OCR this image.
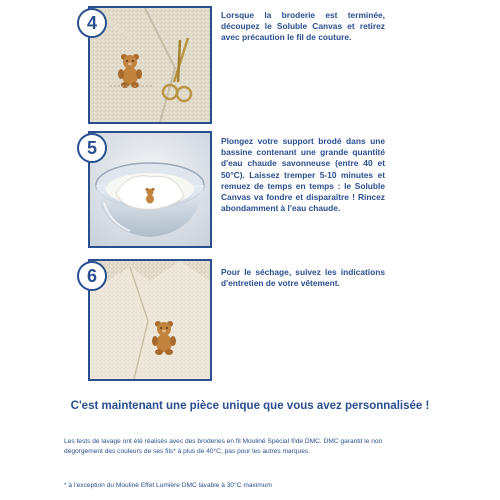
4	Lorsque la broderie est terminée, découpez le Soluble Canvas et retirez avec précaution le fil de couture.
5	Plongez votre support brodé dans une bassine contenant une grande quantité d'eau chaude savonneuse (entre 40 et 50°C). Laissez tremper 5-10 minutes et remuez de temps en temps : le Soluble Canvas va fondre et disparaître ! Rincez abondamment à l'eau chaude.
6	Pour le séchage, suivez les indications d'entretien de votre vêtement.
C'est maintenant une pièce unique que vous avez personnalisée !
Les tests de lavage ont été réalisés avec des broderies en fil Mouliné Spécial ®de DMC. DMC garantit le non dégorgement des couleurs de ses fils* à plus de 40°C, pas pour les autres marques.
* à l'exception du Mouliné Effet Lumière DMC lavable à 30°C maximum
